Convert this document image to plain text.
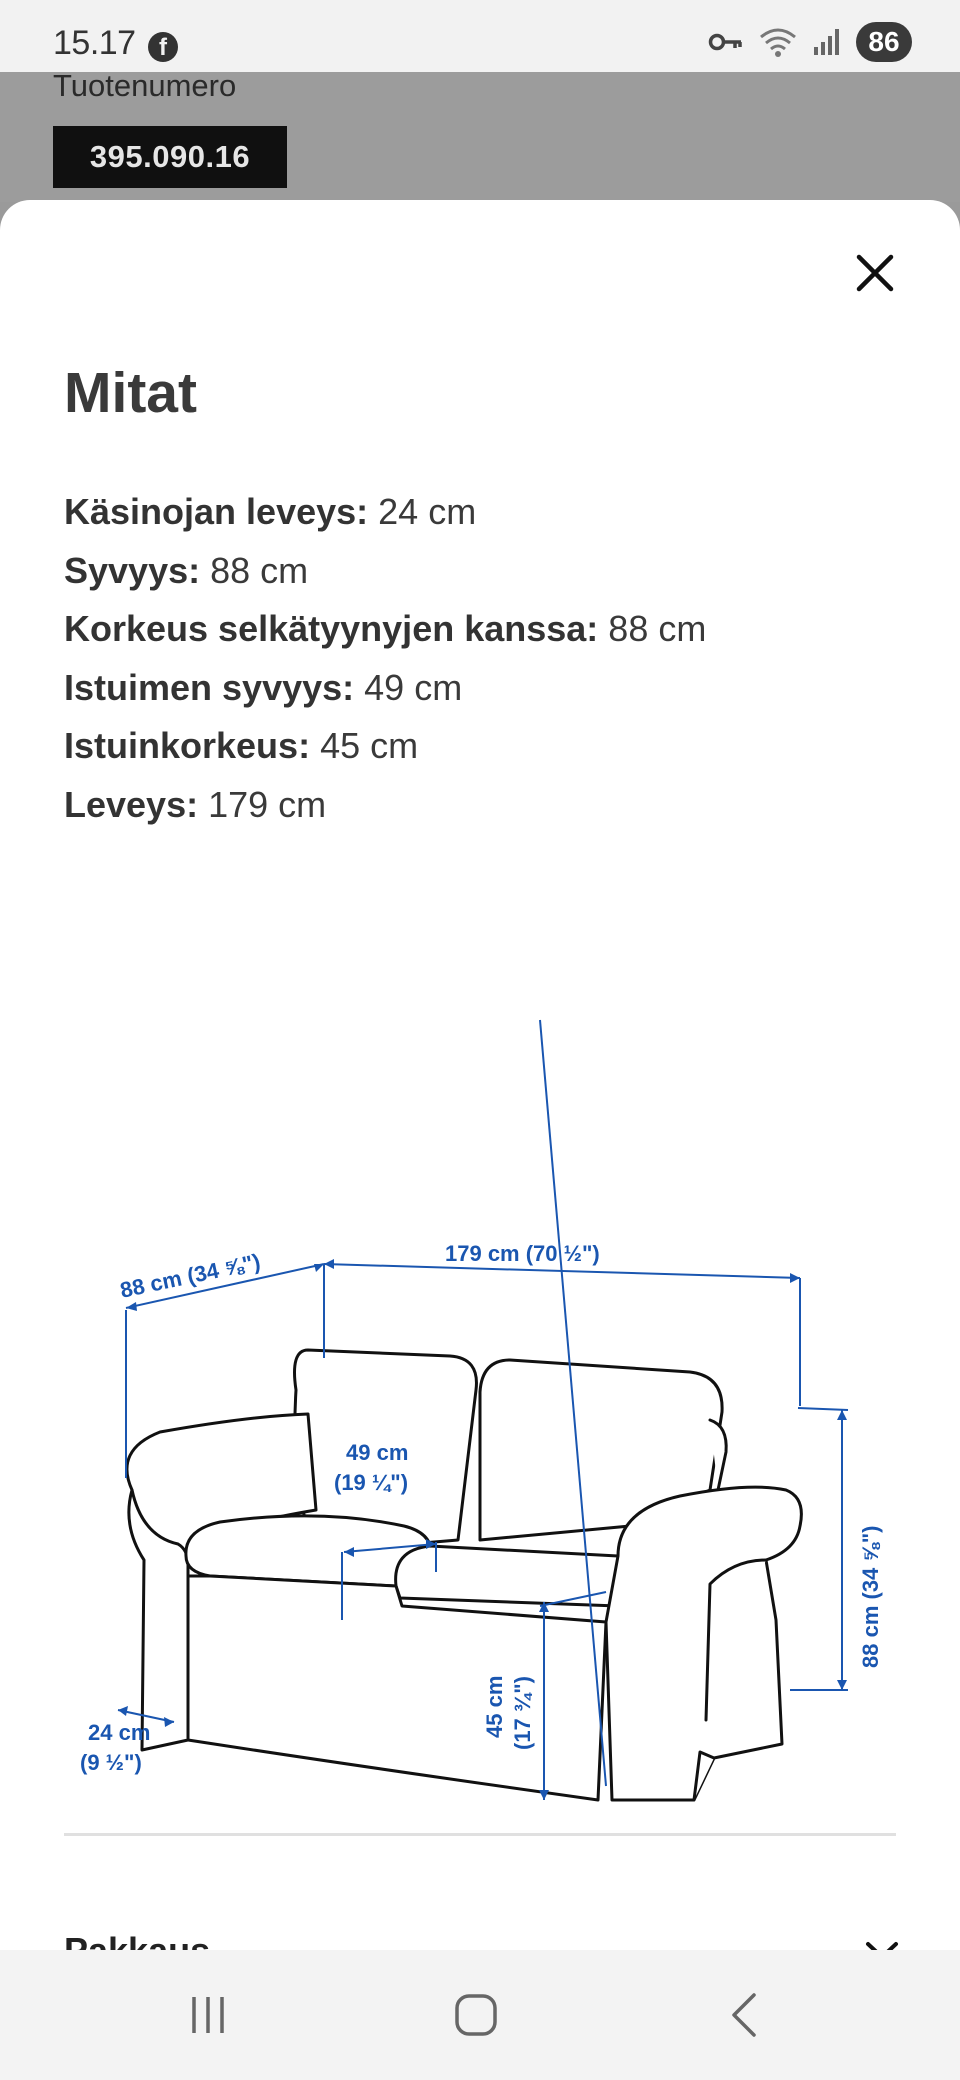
15.17 f	86
Tuotenumero
395.090.16
Mitat
Käsinojan leveys: 24 cm
Syvyys: 88 cm
Korkeus selkätyynyjen kanssa: 88 cm
Istuimen syvyys: 49 cm
Istuinkorkeus: 45 cm
Leveys: 179 cm
88 cm (34 ⅝")	179 cm (70 ½")
49 cm
(19 ¼")
88 cm (34 ⅝")
45 cm (17 ¾")
24 cm
(9 ½")
